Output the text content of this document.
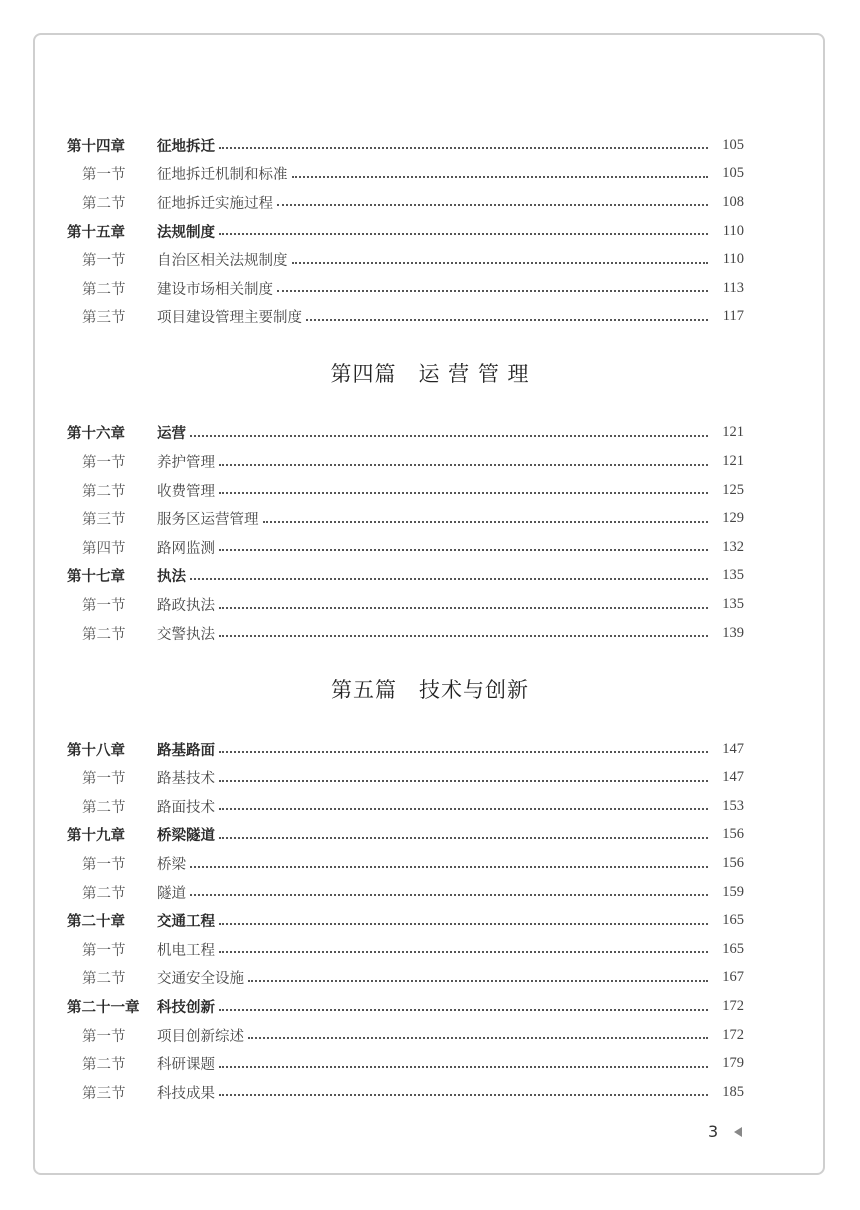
第十四章 征地拆迁	105
第一节 征地拆迁机制和标准	105
第二节 征地拆迁实施过程	108
第十五章 法规制度	110
第一节 自治区相关法规制度	110
第二节 建设市场相关制度	113
第三节 项目建设管理主要制度	117
第四篇　运 营 管 理
第十六章 运营	121
第一节 养护管理	121
第二节 收费管理	125
第三节 服务区运营管理	129
第四节 路网监测	132
第十七章 执法	135
第一节 路政执法	135
第二节 交警执法	139
第五篇　技术与创新
第十八章 路基路面	147
第一节 路基技术	147
第二节 路面技术	153
第十九章 桥梁隧道	156
第一节 桥梁	156
第二节 隧道	159
第二十章 交通工程	165
第一节 机电工程	165
第二节 交通安全设施	167
第二十一章 科技创新	172
第一节 项目创新综述	172
第二节 科研课题	179
第三节 科技成果	185
3
